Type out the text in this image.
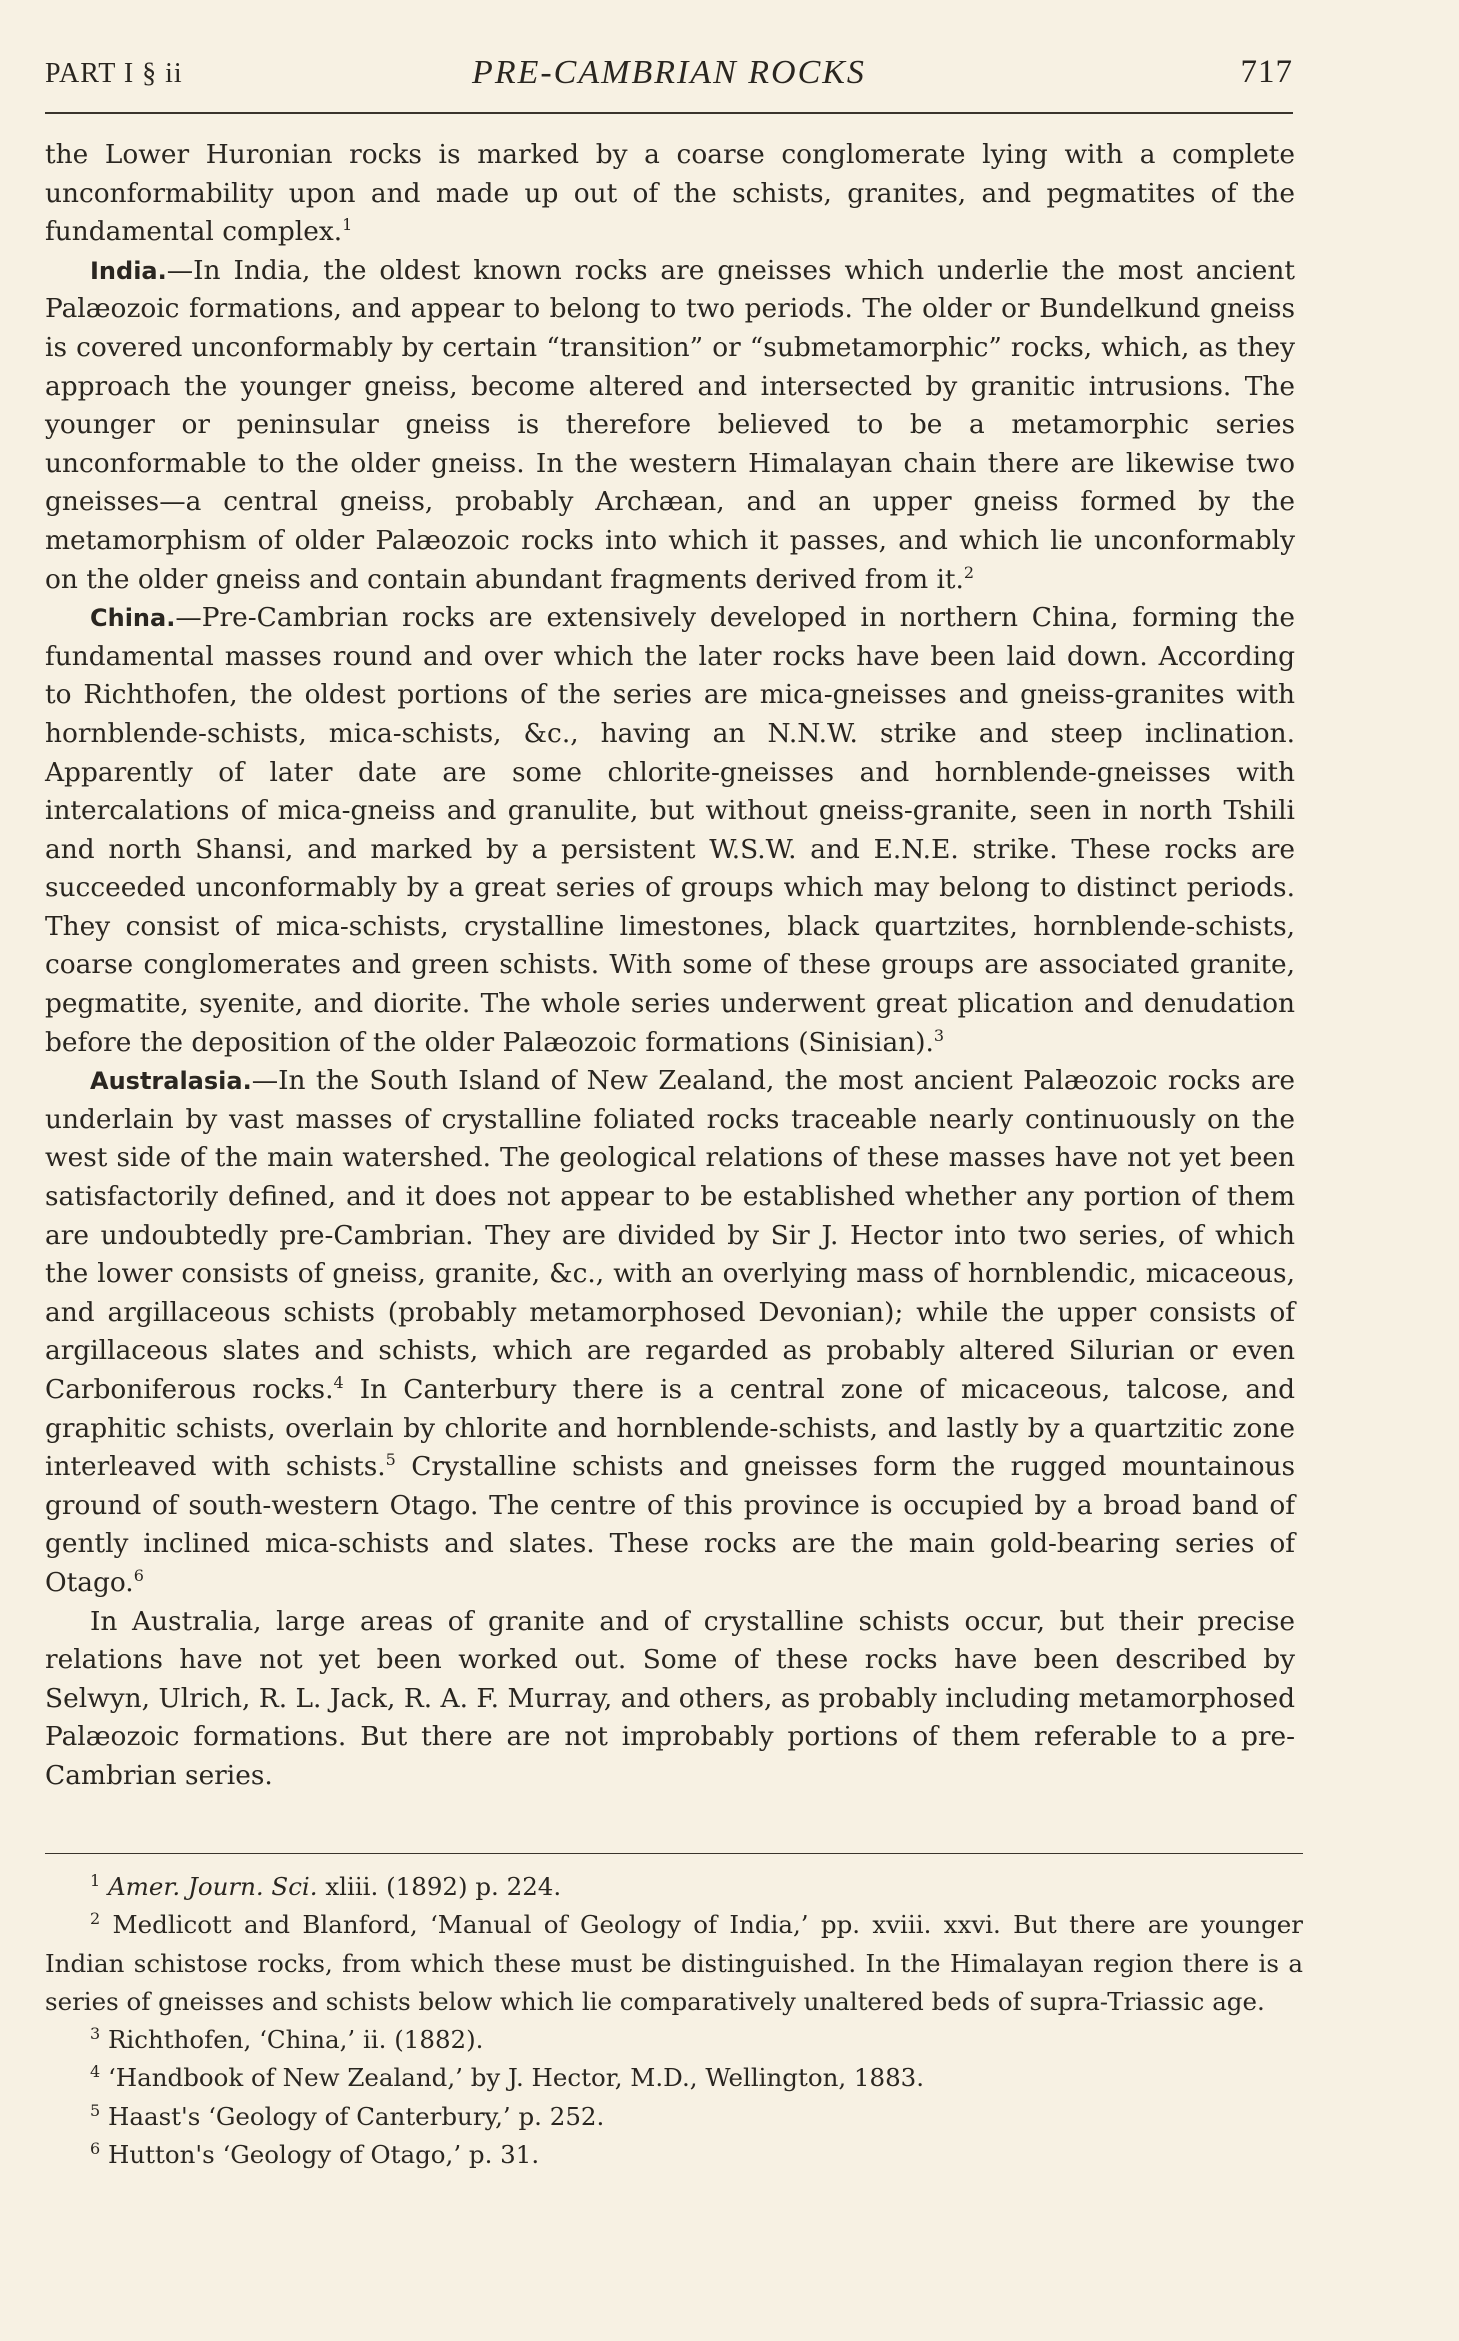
PART I § ii	PRE-CAMBRIAN ROCKS	717

the Lower Huronian rocks is marked by a coarse conglomerate lying with a complete unconformability upon and made up out of the schists, granites, and pegmatites of the fundamental complex.$^1$

India.—In India, the oldest known rocks are gneisses which underlie the most ancient Palæozoic formations, and appear to belong to two periods. The older or Bundelkund gneiss is covered unconformably by certain “transition” or “submetamorphic” rocks, which, as they approach the younger gneiss, become altered and intersected by granitic intrusions. The younger or peninsular gneiss is therefore believed to be a metamorphic series unconformable to the older gneiss. In the western Himalayan chain there are likewise two gneisses—a central gneiss, probably Archæan, and an upper gneiss formed by the metamorphism of older Palæozoic rocks into which it passes, and which lie unconformably on the older gneiss and contain abundant fragments derived from it.$^2$

China.—Pre-Cambrian rocks are extensively developed in northern China, forming the fundamental masses round and over which the later rocks have been laid down. According to Richthofen, the oldest portions of the series are mica-gneisses and gneiss-granites with hornblende-schists, mica-schists, &c., having an N.N.W. strike and steep inclination. Apparently of later date are some chlorite-gneisses and hornblende-gneisses with intercalations of mica-gneiss and granulite, but without gneiss-granite, seen in north Tshili and north Shansi, and marked by a persistent W.S.W. and E.N.E. strike. These rocks are succeeded unconformably by a great series of groups which may belong to distinct periods. They consist of mica-schists, crystalline limestones, black quartzites, hornblende-schists, coarse conglomerates and green schists. With some of these groups are associated granite, pegmatite, syenite, and diorite. The whole series underwent great plication and denudation before the deposition of the older Palæozoic formations (Sinisian).$^3$

Australasia.—In the South Island of New Zealand, the most ancient Palæozoic rocks are underlain by vast masses of crystalline foliated rocks traceable nearly continuously on the west side of the main watershed. The geological relations of these masses have not yet been satisfactorily defined, and it does not appear to be established whether any portion of them are undoubtedly pre-Cambrian. They are divided by Sir J. Hector into two series, of which the lower consists of gneiss, granite, &c., with an overlying mass of hornblendic, micaceous, and argillaceous schists (probably metamorphosed Devonian); while the upper consists of argillaceous slates and schists, which are regarded as probably altered Silurian or even Carboniferous rocks.$^4$ In Canterbury there is a central zone of micaceous, talcose, and graphitic schists, overlain by chlorite and hornblende-schists, and lastly by a quartzitic zone interleaved with schists.$^5$ Crystalline schists and gneisses form the rugged mountainous ground of south-western Otago. The centre of this province is occupied by a broad band of gently inclined mica-schists and slates. These rocks are the main gold-bearing series of Otago.$^6$

In Australia, large areas of granite and of crystalline schists occur, but their precise relations have not yet been worked out. Some of these rocks have been described by Selwyn, Ulrich, R. L. Jack, R. A. F. Murray, and others, as probably including metamorphosed Palæozoic formations. But there are not improbably portions of them referable to a pre-Cambrian series.

$^1$ Amer. Journ. Sci. xliii. (1892) p. 224.

$^2$ Medlicott and Blanford, ‘Manual of Geology of India,’ pp. xviii. xxvi. But there are younger Indian schistose rocks, from which these must be distinguished. In the Himalayan region there is a series of gneisses and schists below which lie comparatively unaltered beds of supra-Triassic age.

$^3$ Richthofen, ‘China,’ ii. (1882).

$^4$ ‘Handbook of New Zealand,’ by J. Hector, M.D., Wellington, 1883.

$^5$ Haast's ‘Geology of Canterbury,’ p. 252.

$^6$ Hutton's ‘Geology of Otago,’ p. 31.
